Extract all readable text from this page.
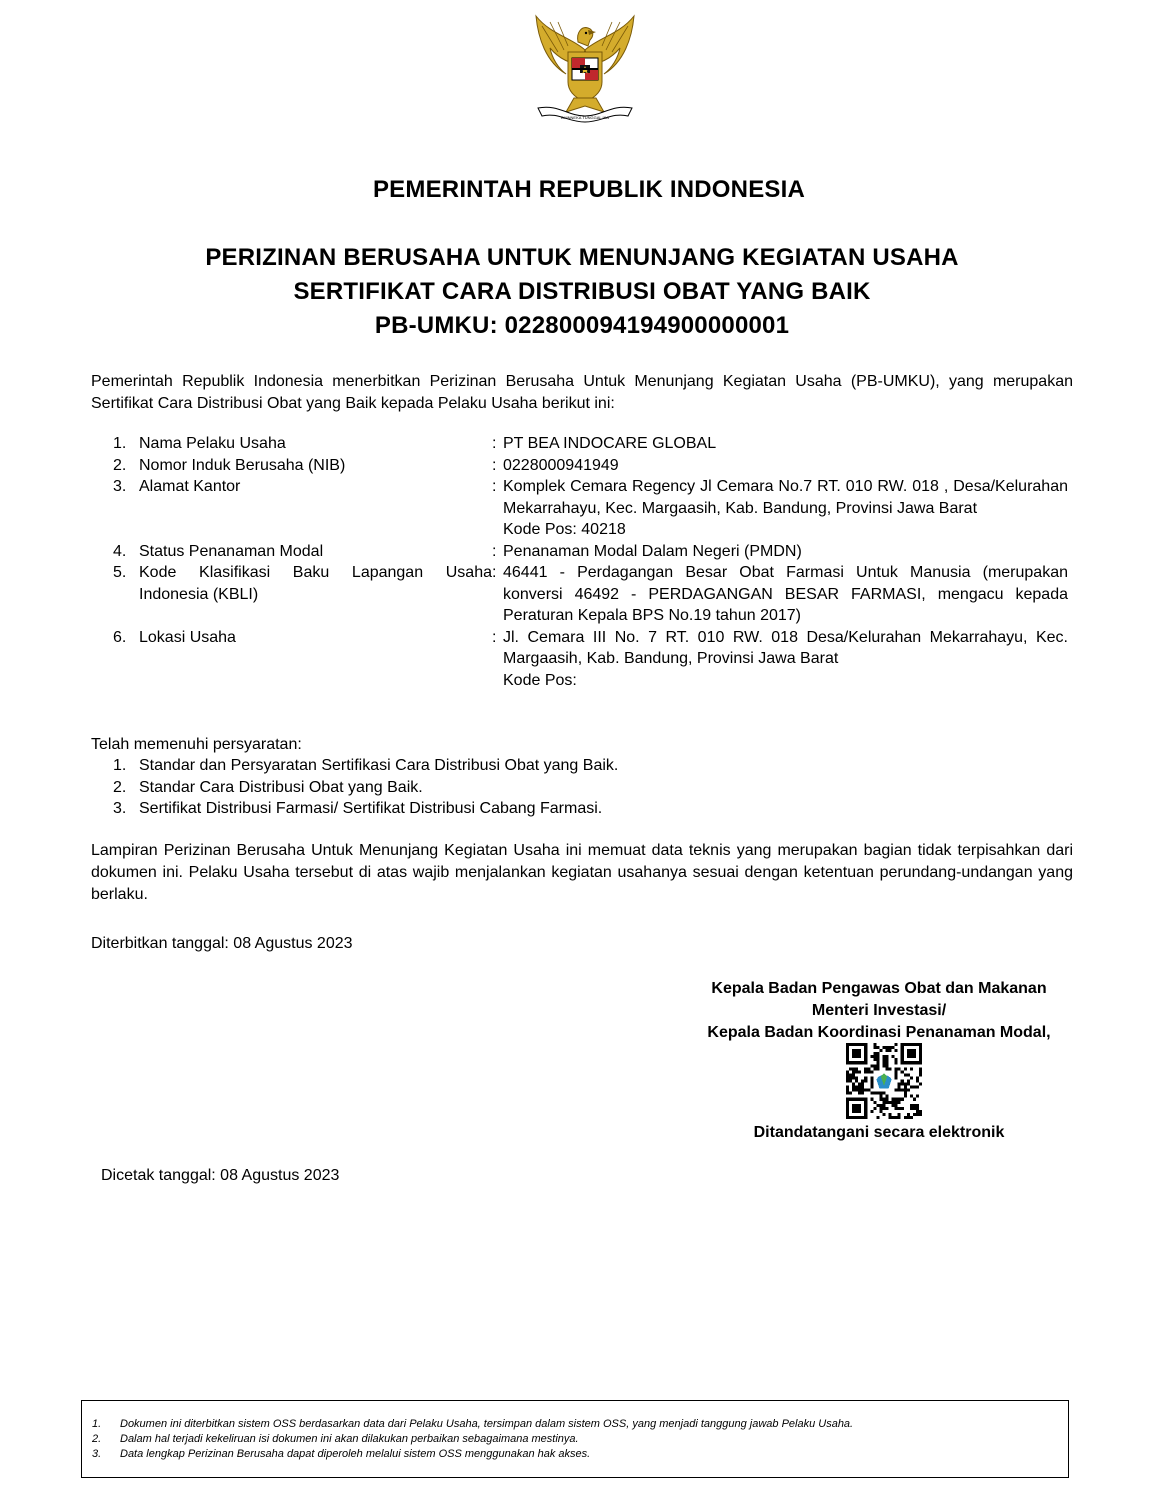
BHINNEKA TUNGGAL IKA
PEMERINTAH REPUBLIK INDONESIA
PERIZINAN BERUSAHA UNTUK MENUNJANG KEGIATAN USAHA
SERTIFIKAT CARA DISTRIBUSI OBAT YANG BAIK
PB-UMKU: 022800094194900000001
Pemerintah Republik Indonesia menerbitkan Perizinan Berusaha Untuk Menunjang Kegiatan Usaha (PB-UMKU), yang merupakan Sertifikat Cara Distribusi Obat yang Baik kepada Pelaku Usaha berikut ini:
1. Nama Pelaku Usaha	: PT BEA INDOCARE GLOBAL
2. Nomor Induk Berusaha (NIB)	: 0228000941949
3. Alamat Kantor	: Komplek Cemara Regency Jl Cemara No.7 RT. 010 RW. 018 , Desa/Kelurahan Mekarrahayu, Kec. Margaasih, Kab. Bandung, Provinsi Jawa Barat
Kode Pos: 40218
4. Status Penanaman Modal	: Penanaman Modal Dalam Negeri (PMDN)
5. Kode Klasifikasi Baku Lapangan Usaha Indonesia (KBLI)
: 46441 - Perdagangan Besar Obat Farmasi Untuk Manusia (merupakan konversi 46492 - PERDAGANGAN BESAR FARMASI, mengacu kepada Peraturan Kepala BPS No.19 tahun 2017)
6. Lokasi Usaha	: Jl. Cemara III No. 7 RT. 010 RW. 018 Desa/Kelurahan Mekarrahayu, Kec. Margaasih, Kab. Bandung, Provinsi Jawa Barat
Kode Pos:
Telah memenuhi persyaratan:
1. Standar dan Persyaratan Sertifikasi Cara Distribusi Obat yang Baik.
2. Standar Cara Distribusi Obat yang Baik.
3. Sertifikat Distribusi Farmasi/ Sertifikat Distribusi Cabang Farmasi.
Lampiran Perizinan Berusaha Untuk Menunjang Kegiatan Usaha ini memuat data teknis yang merupakan bagian tidak terpisahkan dari dokumen ini. Pelaku Usaha tersebut di atas wajib menjalankan kegiatan usahanya sesuai dengan ketentuan perundang-undangan yang berlaku.
Diterbitkan tanggal: 08 Agustus 2023
Kepala Badan Pengawas Obat dan Makanan
Menteri Investasi/
Kepala Badan Koordinasi Penanaman Modal,
Ditandatangani secara elektronik
Dicetak tanggal: 08 Agustus 2023
1.	Dokumen ini diterbitkan sistem OSS berdasarkan data dari Pelaku Usaha, tersimpan dalam sistem OSS, yang menjadi tanggung jawab Pelaku Usaha.
2.	Dalam hal terjadi kekeliruan isi dokumen ini akan dilakukan perbaikan sebagaimana mestinya.
3.	Data lengkap Perizinan Berusaha dapat diperoleh melalui sistem OSS menggunakan hak akses.
